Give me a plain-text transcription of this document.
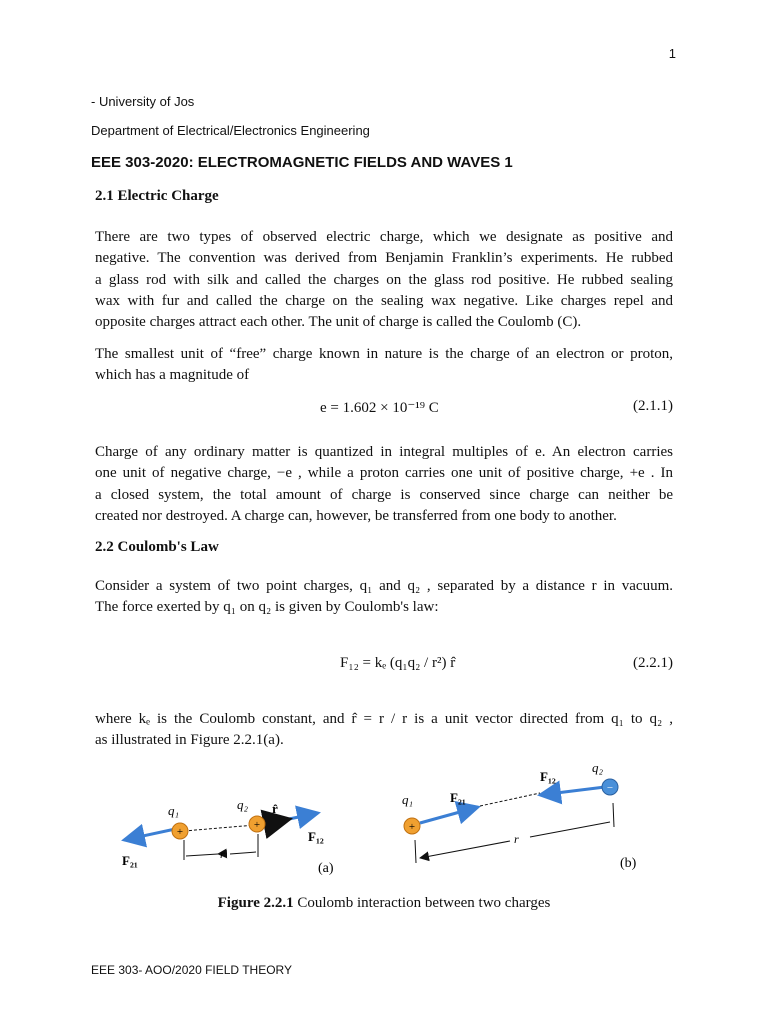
1
- University of Jos
Department of Electrical/Electronics Engineering
EEE 303-2020: ELECTROMAGNETIC FIELDS AND WAVES 1
2.1 Electric Charge
There are two types of observed electric charge, which we designate as positive and
negative. The convention was derived from Benjamin Franklin’s experiments. He rubbed
a glass rod with silk and called the charges on the glass rod positive. He rubbed sealing
wax with fur and called the charge on the sealing wax negative. Like charges repel and
opposite charges attract each other. The unit of charge is called the Coulomb (C).
The smallest unit of “free” charge known in nature is the charge of an electron or proton,
which has a magnitude of
e = 1.602 × 10⁻¹⁹ C	(2.1.1)
Charge of any ordinary matter is quantized in integral multiples of e. An electron carries
one unit of negative charge, −e , while a proton carries one unit of positive charge, +e . In
a closed system, the total amount of charge is conserved since charge can neither be
created nor destroyed. A charge can, however, be transferred from one body to another.
2.2 Coulomb's Law
Consider a system of two point charges, q₁ and q₂ , separated by a distance r in vacuum.
The force exerted by q₁ on q₂ is given by Coulomb's law:
F₁₂ = kₑ (q₁q₂ / r²) r̂	(2.2.1)
where kₑ is the Coulomb constant, and r̂ = r / r is a unit vector directed from q₁ to q₂ ,
as illustrated in Figure 2.2.1(a).
+
+
q₁	q₂ r̂
F₁₂
F₂₁	r
(a)
+
−
q₁
q₂
F₂₁
F₁₂
r
(b)
Figure 2.2.1 Coulomb interaction between two charges
EEE 303- AOO/2020 FIELD THEORY
